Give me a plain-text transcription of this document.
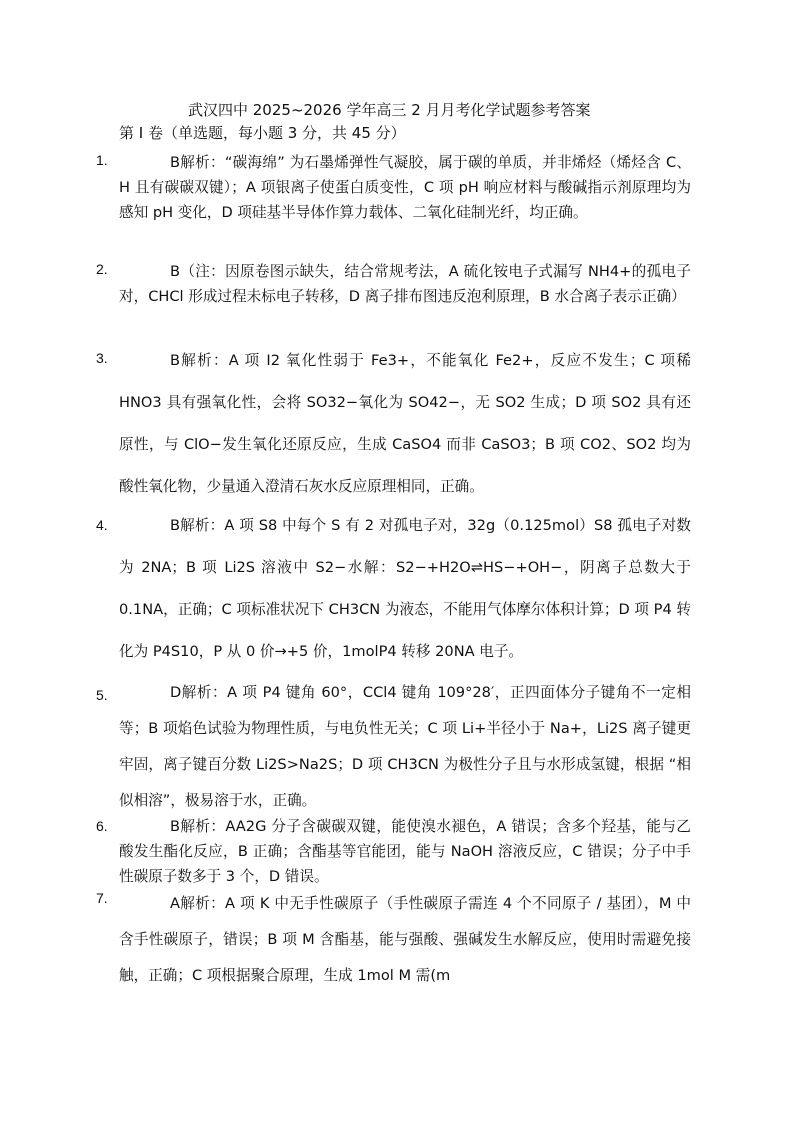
武汉四中 2025~2026 学年高三 2 月月考化学试题参考答案
第 Ⅰ 卷（单选题，每小题 3 分，共 45 分）
1.	B解析：“碳海绵” 为石墨烯弹性气凝胶，属于碳的单质，并非烯烃（烯烃含 C、H 且有碳碳双键）；A 项银离子使蛋白质变性，C 项 pH 响应材料与酸碱指示剂原理均为感知 pH 变化，D 项硅基半导体作算力载体、二氧化硅制光纤，均正确。
2.	B（注：因原卷图示缺失，结合常规考法，A 硫化铵电子式漏写 NH4+的孤电子对，CHCl 形成过程未标电子转移，D 离子排布图违反泡利原理，B 水合离子表示正确）
3.	B解析：A 项 I2 氧化性弱于 Fe3+，不能氧化 Fe2+，反应不发生；C 项稀 HNO3 具有强氧化性，会将 SO32−氧化为 SO42−，无 SO2 生成；D 项 SO2 具有还原性，与 ClO−发生氧化还原反应，生成 CaSO4 而非 CaSO3；B 项 CO2、SO2 均为酸性氧化物，少量通入澄清石灰水反应原理相同，正确。
4.	B解析：A 项 S8 中每个 S 有 2 对孤电子对，32g（0.125mol）S8 孤电子对数为 2NA；B 项 Li2S 溶液中 S2−水解：S2−+H2O⇌HS−+OH−，阴离子总数大于 0.1NA，正确；C 项标准状况下 CH3CN 为液态，不能用气体摩尔体积计算；D 项 P4 转化为 P4S10，P 从 0 价→+5 价，1molP4 转移 20NA 电子。
5.	D解析：A 项 P4 键角 60°，CCl4 键角 109°28′，正四面体分子键角不一定相等；B 项焰色试验为物理性质，与电负性无关；C 项 Li+半径小于 Na+，Li2S 离子键更牢固，离子键百分数 Li2S>Na2S；D 项 CH3CN 为极性分子且与水形成氢键，根据 “相似相溶”，极易溶于水，正确。
6.	B解析：AA2G 分子含碳碳双键，能使溴水褪色，A 错误；含多个羟基，能与乙酸发生酯化反应，B 正确；含酯基等官能团，能与 NaOH 溶液反应，C 错误；分子中手性碳原子数多于 3 个，D 错误。
7.	A解析：A 项 K 中无手性碳原子（手性碳原子需连 4 个不同原子 / 基团），M 中含手性碳原子，错误；B 项 M 含酯基，能与强酸、强碱发生水解反应，使用时需避免接触，正确；C 项根据聚合原理，生成 1mol M 需(m
